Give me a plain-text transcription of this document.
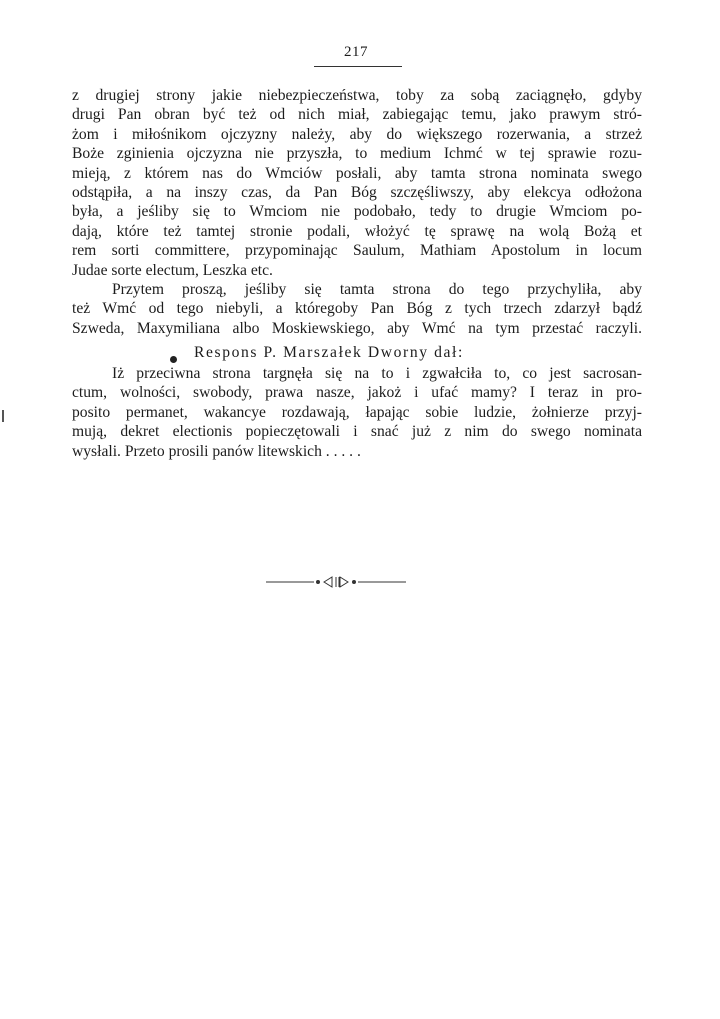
217
z drugiej strony jakie niebezpieczeństwa, toby za sobą zaciągnęło, gdyby
drugi Pan obran być też od nich miał, zabiegając temu, jako prawym stró-
żom i miłośnikom ojczyzny należy, aby do większego rozerwania, a strzeż
Boże zginienia ojczyzna nie przyszła, to medium Ichmć w tej sprawie rozu-
mieją, z którem nas do Wmciów posłali, aby tamta strona nominata swego
odstąpiła, a na inszy czas, da Pan Bóg szczęśliwszy, aby elekcya odłożona
była, a jeśliby się to Wmciom nie podobało, tedy to drugie Wmciom po-
dają, które też tamtej stronie podali, włożyć tę sprawę na wolą Bożą et
rem sorti committere, przypominając Saulum, Mathiam Apostolum in locum
Judae sorte electum, Leszka etc.
Przytem proszą, jeśliby się tamta strona do tego przychyliła, aby
też Wmć od tego niebyli, a któregoby Pan Bóg z tych trzech zdarzył bądź
Szweda, Maxymiliana albo Moskiewskiego, aby Wmć na tym przestać raczyli.
Respons P. Marszałek Dworny dał:
Iż przeciwna strona targnęła się na to i zgwałciła to, co jest sacrosan-
ctum, wolności, swobody, prawa nasze, jakoż i ufać mamy? I teraz in pro-
posito permanet, wakancye rozdawają, łapając sobie ludzie, żołnierze przyj-
mują, dekret electionis popieczętowali i snać już z nim do swego nominata
wysłali. Przeto prosili panów litewskich . . . . .
